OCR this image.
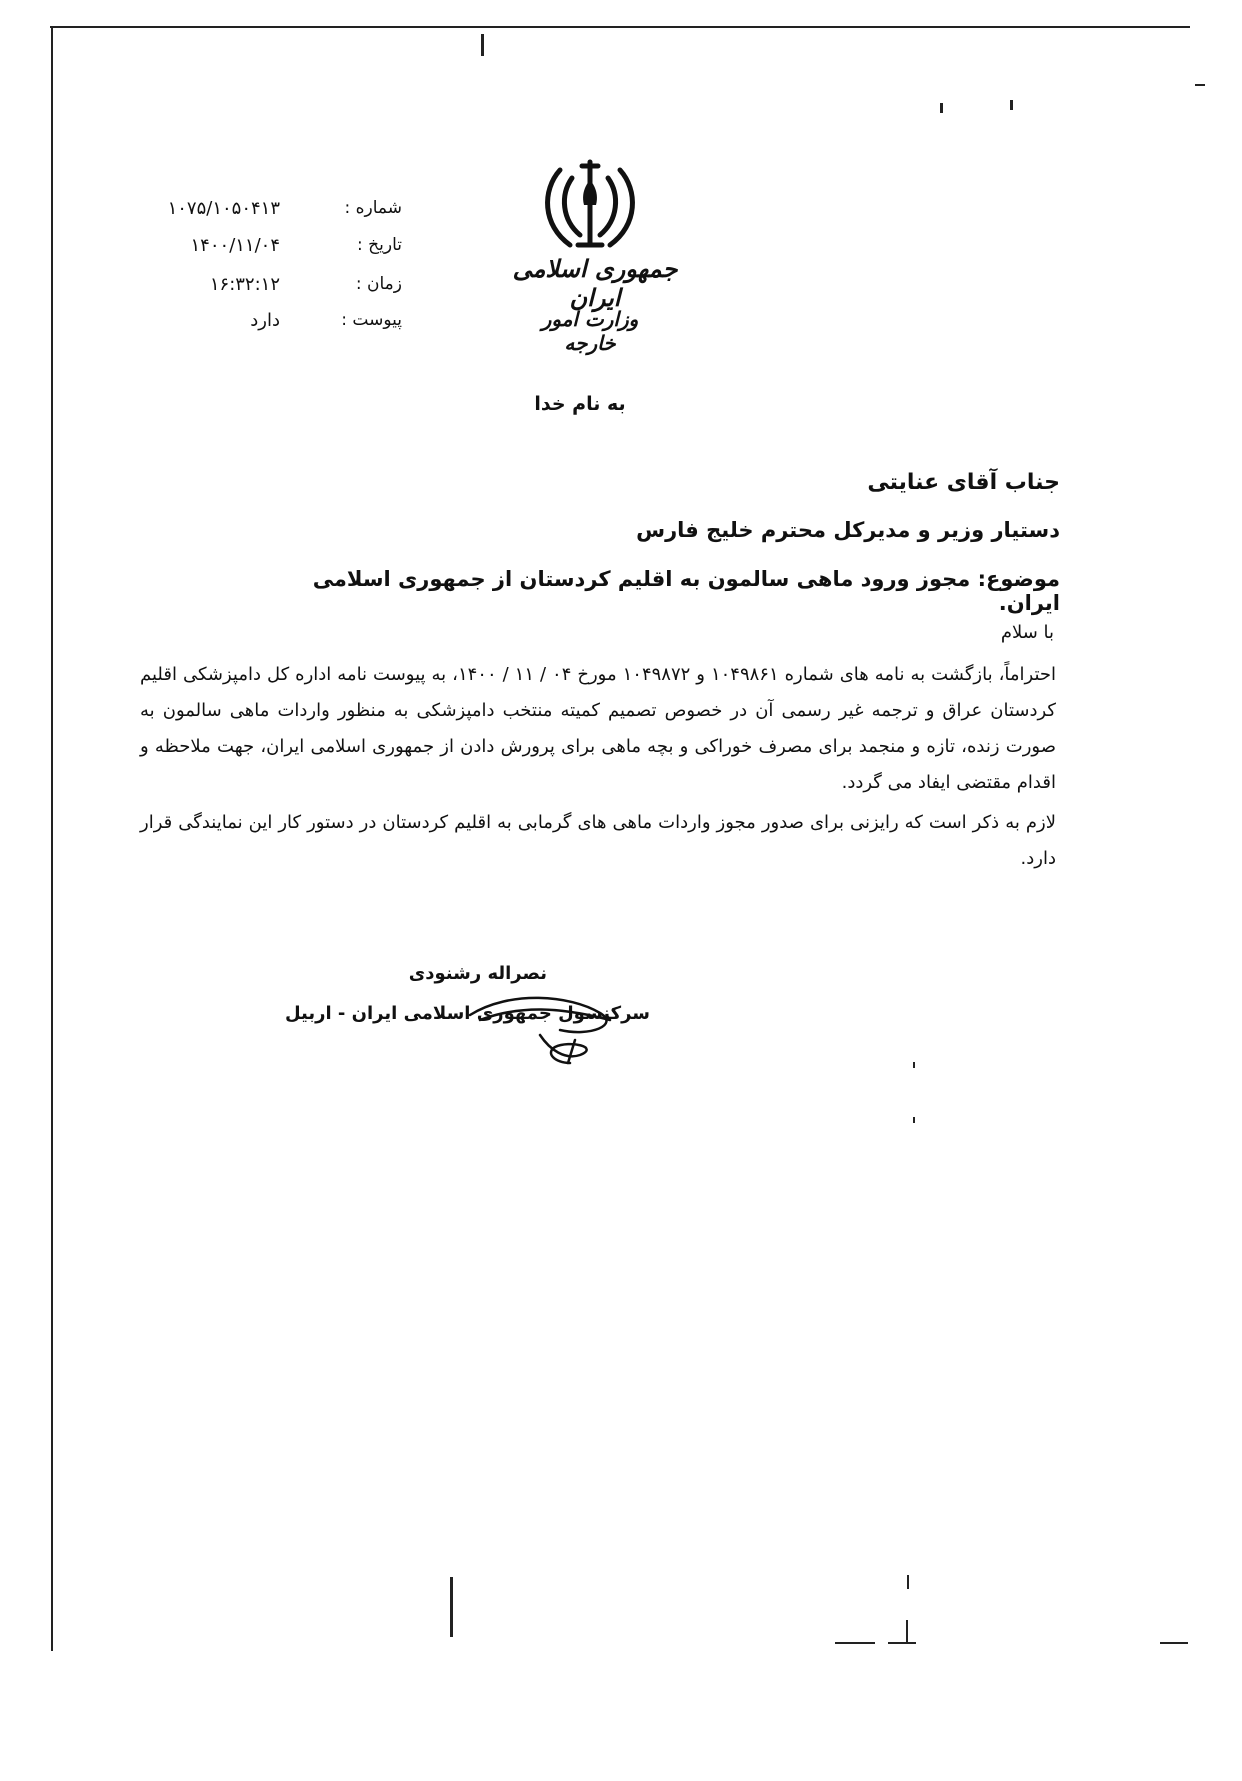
جمهوری اسلامی ایران
وزارت امور خارجه
شماره :
۱۰۷۵/۱۰۵۰۴۱۳
تاریخ :
۱۴۰۰/۱۱/۰۴
زمان :
۱۶:۳۲:۱۲
پیوست :
دارد
به نام خدا
جناب آقای عنایتی
دستیار وزیر و مدیرکل محترم خلیج فارس
موضوع: مجوز ورود ماهی سالمون به اقلیم کردستان از جمهوری اسلامی ایران.
با سلام
احتراماً، بازگشت به نامه های شماره ۱۰۴۹۸۶۱ و ۱۰۴۹۸۷۲ مورخ ۰۴ / ۱۱ / ۱۴۰۰، به پیوست نامه اداره کل دامپزشکی اقلیم کردستان عراق و ترجمه غیر رسمی آن در خصوص تصمیم کمیته منتخب دامپزشکی به منظور واردات ماهی سالمون به صورت زنده، تازه و منجمد برای مصرف خوراکی و بچه ماهی برای پرورش دادن از جمهوری اسلامی ایران، جهت ملاحظه و اقدام مقتضی ایفاد می گردد.
لازم به ذکر است که رایزنی برای صدور مجوز واردات ماهی های گرمابی به اقلیم کردستان در دستور کار این نمایندگی قرار دارد.
نصراله رشنودی
سرکنسول جمهوری اسلامی ایران - اربیل
